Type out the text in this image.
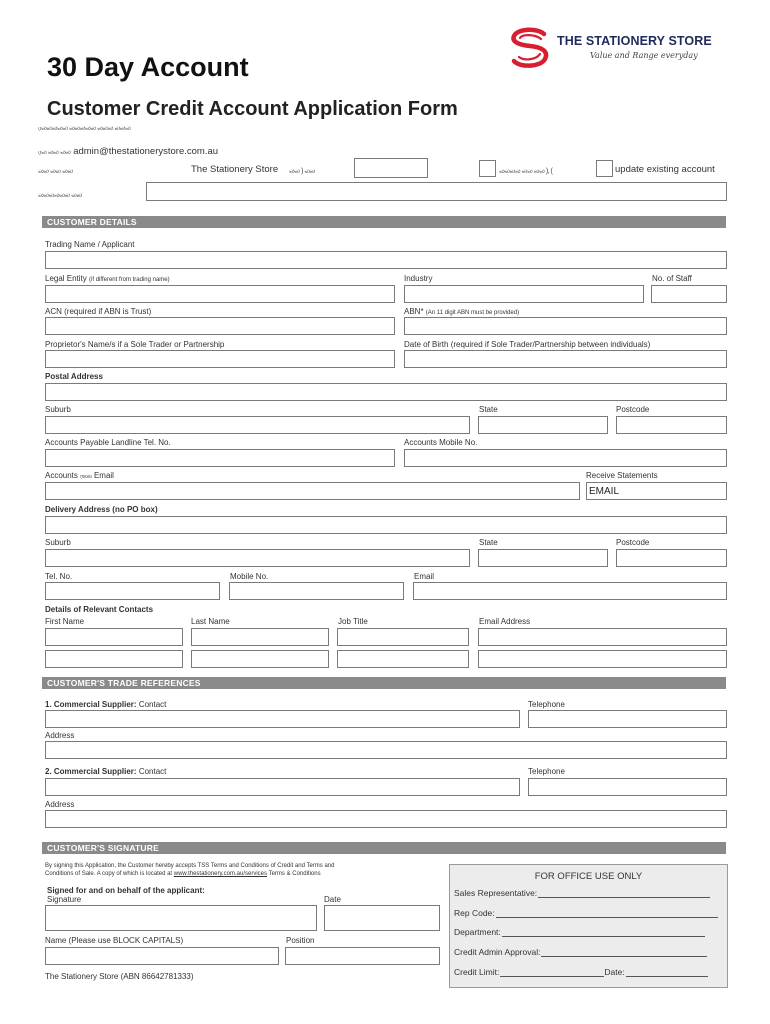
THE STATIONERY STORE
Value and Range everyday
30 Day Account
Customer Credit Account Application Form
ரலலலலல லலலலல லலல லலல
ரல லல லல admin@thestationerystore.com.au
லல லல லல	The Stationery Store லல ) லல	லலலல லல லல ), (	update existing account
லலலலலல லல
CUSTOMER DETAILS
Trading Name / Applicant
Legal Entity (if different from trading name)	Industry	No. of Staff
ACN (required if ABN is Trust)	ABN* (An 11 digit ABN must be provided)
Proprietor's Name/s if a Sole Trader or Partnership	Date of Birth (required if Sole Trader/Partnership between individuals)
Postal Address
Suburb	State	Postcode
Accounts Payable Landline Tel. No.	Accounts Mobile No.
Accounts ரலல Email	Receive Statements
EMAIL
Delivery Address (no PO box)
Suburb	State	Postcode
Tel. No.	Mobile No.	Email
Details of Relevant Contacts
First Name	Last Name	Job Title	Email Address
CUSTOMER'S TRADE REFERENCES
1. Commercial Supplier: Contact	Telephone
Address
2. Commercial Supplier: Contact	Telephone
Address
CUSTOMER'S SIGNATURE
By signing this Application, the Customer hereby accepts TSS Terms and Conditions of Credit and Terms and
Conditions of Sale. A copy of which is located at www.thestationery.com.au/services Terms & Conditions
Signed for and on behalf of the applicant:
Signature	Date
Name (Please use BLOCK CAPITALS)	Position
The Stationery Store (ABN 86642781333)
FOR OFFICE USE ONLY
Sales Representative:
Rep Code:
Department:
Credit Admin Approval:
Credit Limit:	Date:
